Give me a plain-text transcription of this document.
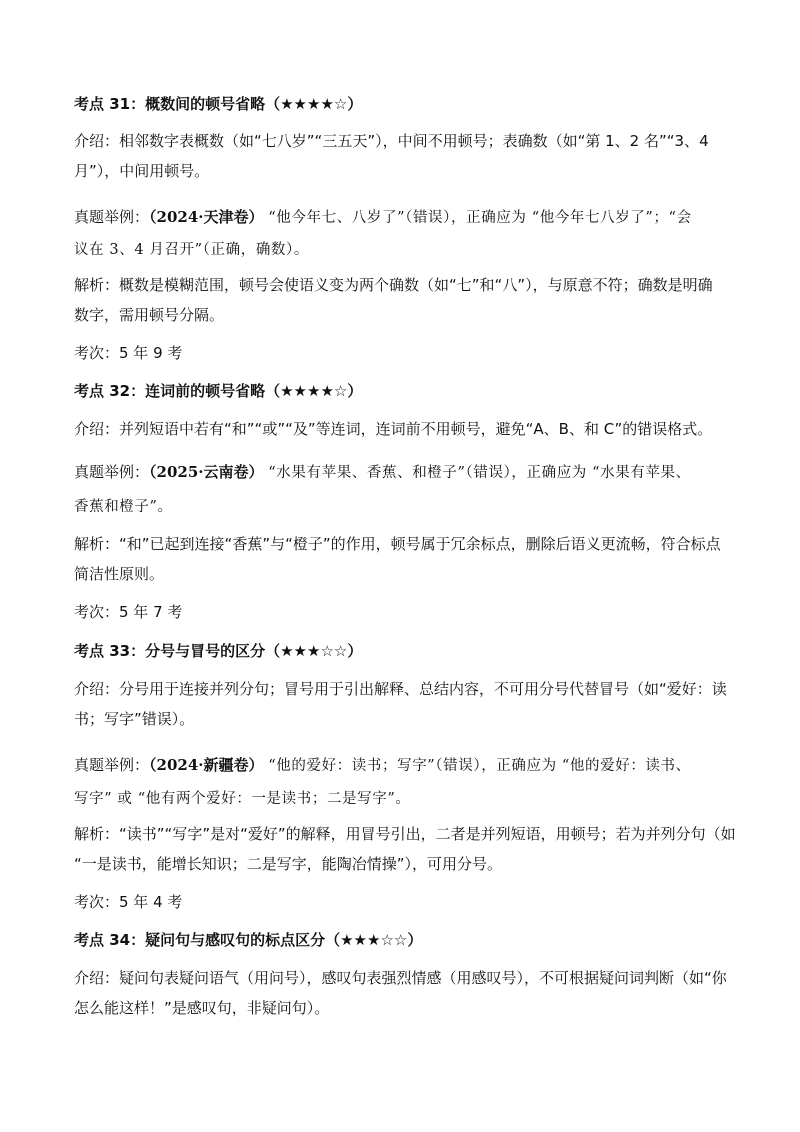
考点 31：概数间的顿号省略（★★★★☆）
介绍：相邻数字表概数（如“七八岁”“三五天”），中间不用顿号；表确数（如“第 1、2 名”“3、4
月”），中间用顿号。
真题举例：（2024·天津卷） “他今年七、八岁了”（错误），正确应为 “他今年七八岁了”；“会
议在 3、4 月召开”（正确，确数）。
解析：概数是模糊范围，顿号会使语义变为两个确数（如“七”和“八”），与原意不符；确数是明确
数字，需用顿号分隔。
考次：5 年 9 考
考点 32：连词前的顿号省略（★★★★☆）
介绍：并列短语中若有“和”“或”“及”等连词，连词前不用顿号，避免“A、B、和 C”的错误格式。
真题举例：（2025·云南卷） “水果有苹果、香蕉、和橙子”（错误），正确应为 “水果有苹果、
香蕉和橙子”。
解析：“和”已起到连接“香蕉”与“橙子”的作用，顿号属于冗余标点，删除后语义更流畅，符合标点
简洁性原则。
考次：5 年 7 考
考点 33：分号与冒号的区分（★★★☆☆）
介绍：分号用于连接并列分句；冒号用于引出解释、总结内容，不可用分号代替冒号（如“爱好：读
书；写字”错误）。
真题举例：（2024·新疆卷） “他的爱好：读书；写字”（错误），正确应为 “他的爱好：读书、
写字” 或 “他有两个爱好：一是读书；二是写字”。
解析：“读书”“写字”是对“爱好”的解释，用冒号引出，二者是并列短语，用顿号；若为并列分句（如
“一是读书，能增长知识；二是写字，能陶冶情操”），可用分号。
考次：5 年 4 考
考点 34：疑问句与感叹句的标点区分（★★★☆☆）
介绍：疑问句表疑问语气（用问号），感叹句表强烈情感（用感叹号），不可根据疑问词判断（如“你
怎么能这样！”是感叹句，非疑问句）。
